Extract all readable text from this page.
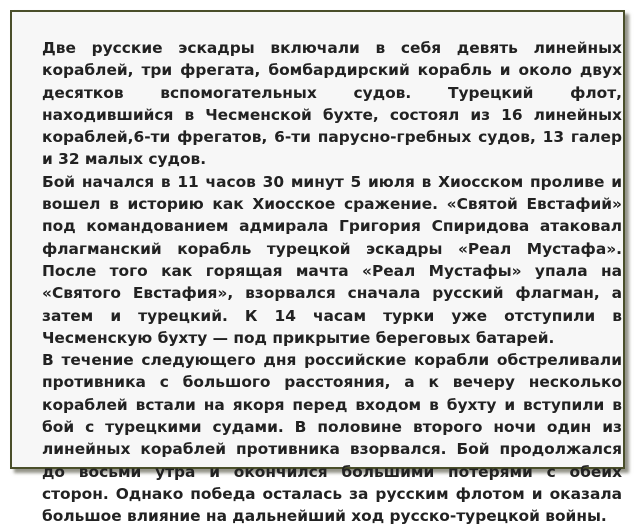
Две русские эскадры включали в себя девять линейных кораблей, три фрегата, бомбардирский корабль и около двух десятков вспомогательных судов. Турецкий флот, находившийся в Чесменской бухте, состоял из 16 линейных кораблей,6-ти фрегатов, 6-ти парусно-гребных судов, 13 галер и 32 малых судов.

Бой начался в 11 часов 30 минут 5 июля в Хиосском проливе и вошел в историю как Хиосское сражение. «Святой Евстафий» под командованием адмирала Григория Спиридова атаковал флагманский корабль турецкой эскадры «Реал Мустафа». После того как горящая мачта «Реал Мустафы» упала на «Святого Евстафия», взорвался сначала русский флагман, а затем и турецкий. К 14 часам турки уже отступили в Чесменскую бухту — под прикрытие береговых батарей.

В течение следующего дня российские корабли обстреливали противника с большого расстояния, а к вечеру несколько кораблей встали на якоря перед входом в бухту и вступили в бой с турецкими судами. В половине второго ночи один из линейных кораблей противника взорвался. Бой продолжался до восьми утра и окончился большими потерями с обеих сторон. Однако победа осталась за русским флотом и оказала большое влияние на дальнейший ход русско-турецкой войны.
